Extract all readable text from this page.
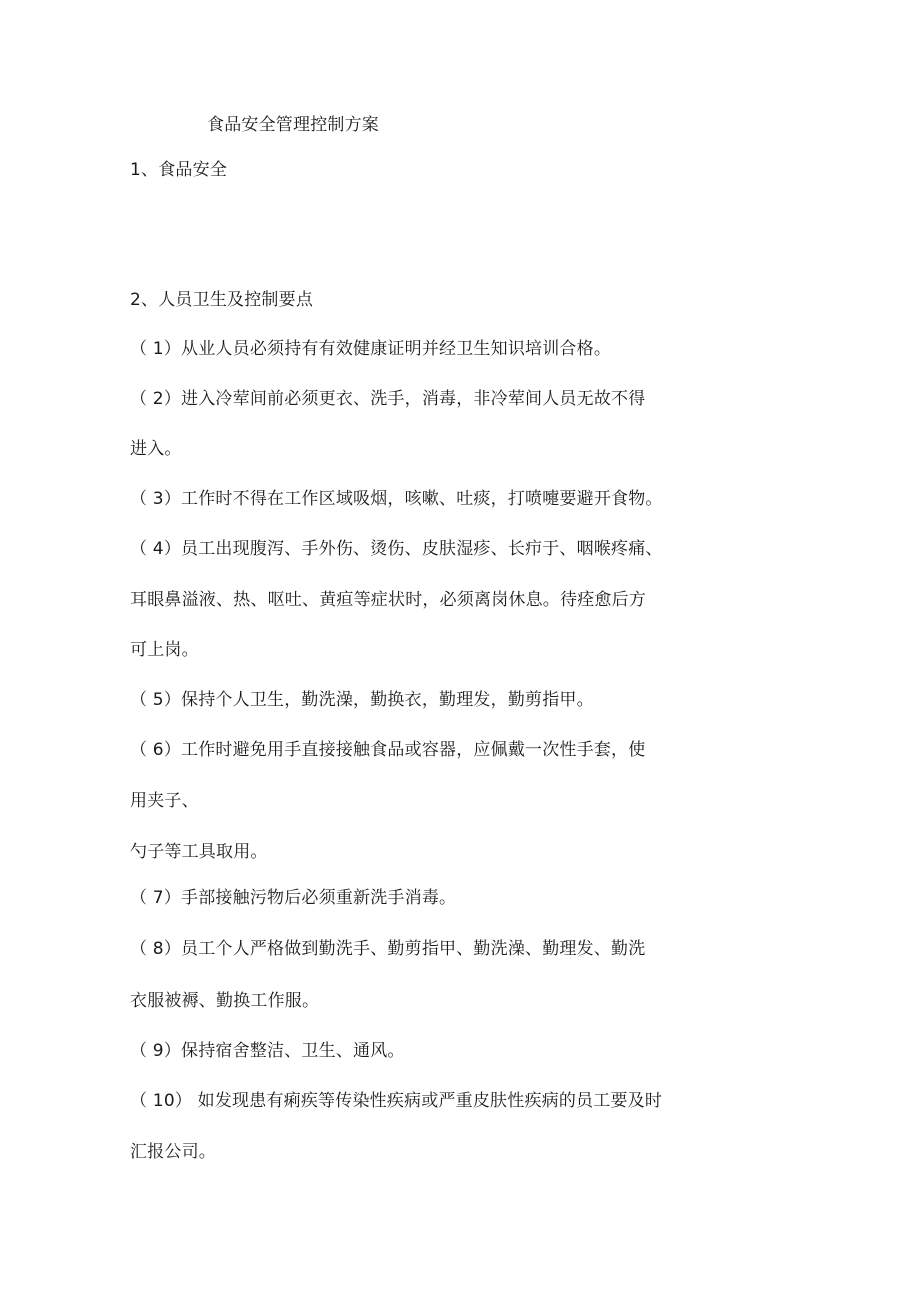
食品安全管理控制方案
1、食品安全
2、人员卫生及控制要点
（ 1）从业人员必须持有有效健康证明并经卫生知识培训合格。
（ 2）进入冷荤间前必须更衣、洗手，消毒，非冷荤间人员无故不得
进入。
（ 3）工作时不得在工作区域吸烟，咳嗽、吐痰，打喷嚏要避开食物。
（ 4）员工出现腹泻、手外伤、烫伤、皮肤湿疹、长疖于、咽喉疼痛、
耳眼鼻溢液、热、呕吐、黄疸等症状时，必须离岗休息。待痊愈后方
可上岗。
（ 5）保持个人卫生，勤洗澡，勤换衣，勤理发，勤剪指甲。
（ 6）工作时避免用手直接接触食品或容器，应佩戴一次性手套，使
用夹子、
勺子等工具取用。
（ 7）手部接触污物后必须重新洗手消毒。
（ 8）员工个人严格做到勤洗手、勤剪指甲、勤洗澡、勤理发、勤洗
衣服被褥、勤换工作服。
（ 9）保持宿舍整洁、卫生、通风。
（ 10） 如发现患有痢疾等传染性疾病或严重皮肤性疾病的员工要及时
汇报公司。
